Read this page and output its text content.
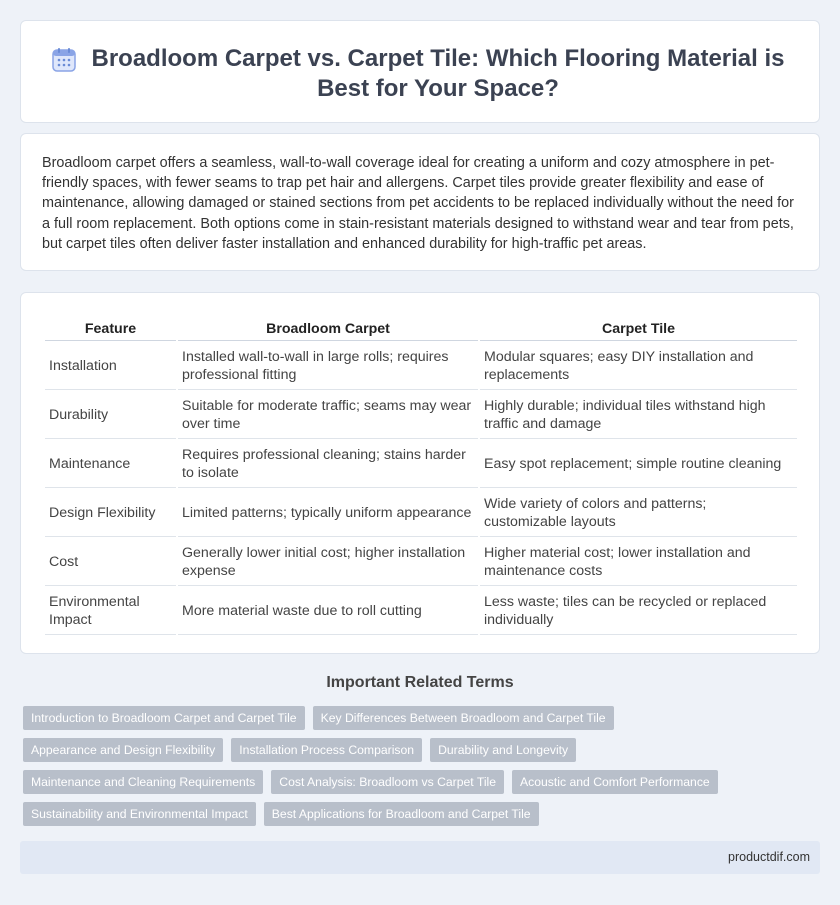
Broadloom Carpet vs. Carpet Tile: Which Flooring Material is Best for Your Space?

Broadloom carpet offers a seamless, wall-to-wall coverage ideal for creating a uniform and cozy atmosphere in pet-friendly spaces, with fewer seams to trap pet hair and allergens. Carpet tiles provide greater flexibility and ease of maintenance, allowing damaged or stained sections from pet accidents to be replaced individually without the need for a full room replacement. Both options come in stain-resistant materials designed to withstand wear and tear from pets, but carpet tiles often deliver faster installation and enhanced durability for high-traffic pet areas.

Feature	Broadloom Carpet	Carpet Tile
Installation	Installed wall-to-wall in large rolls; requires professional fitting	Modular squares; easy DIY installation and replacements
Durability	Suitable for moderate traffic; seams may wear over time	Highly durable; individual tiles withstand high traffic and damage
Maintenance	Requires professional cleaning; stains harder to isolate	Easy spot replacement; simple routine cleaning
Design Flexibility	Limited patterns; typically uniform appearance	Wide variety of colors and patterns; customizable layouts
Cost	Generally lower initial cost; higher installation expense	Higher material cost; lower installation and maintenance costs
Environmental Impact	More material waste due to roll cutting	Less waste; tiles can be recycled or replaced individually
Important Related Terms
Introduction to Broadloom Carpet and Carpet Tile	Key Differences Between Broadloom and Carpet Tile
Appearance and Design Flexibility	Installation Process Comparison	Durability and Longevity
Maintenance and Cleaning Requirements	Cost Analysis: Broadloom vs Carpet Tile	Acoustic and Comfort Performance
Sustainability and Environmental Impact	Best Applications for Broadloom and Carpet Tile
productdif.com
